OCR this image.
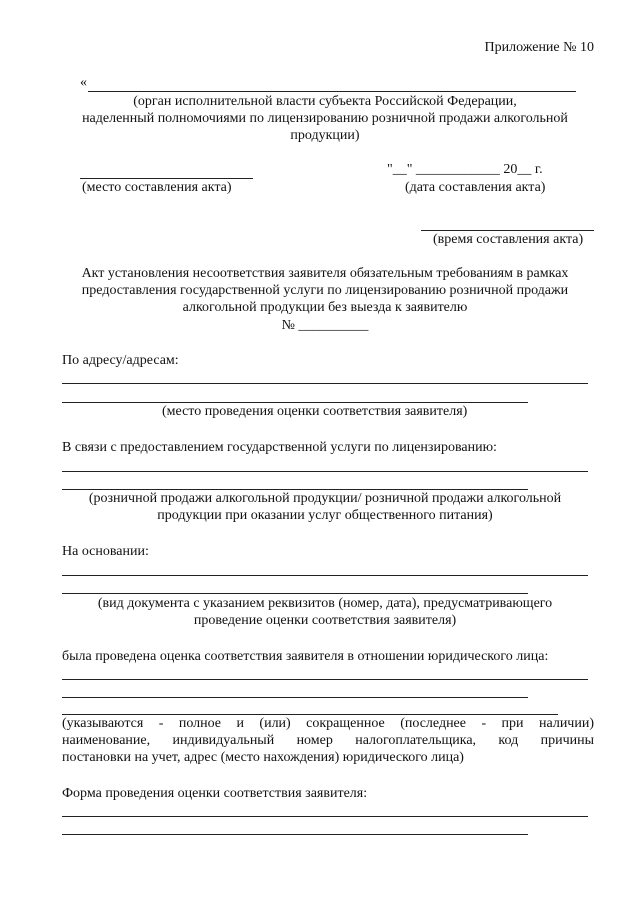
Приложение № 10
«
(орган исполнительной власти субъекта Российской Федерации,
наделенный полномочиями по лицензированию розничной продажи алкогольной
продукции)
(место составления акта)
"__" ____________ 20__ г.
(дата составления акта)
(время составления акта)
Акт установления несоответствия заявителя обязательным требованиям в рамках
предоставления государственной услуги по лицензированию розничной продажи
алкогольной продукции без выезда к заявителю
№ __________
По адресу/адресам:
(место проведения оценки соответствия заявителя)
В связи с предоставлением государственной услуги по лицензированию:
(розничной продажи алкогольной продукции/ розничной продажи алкогольной
продукции при оказании услуг общественного питания)
На основании:
(вид документа с указанием реквизитов (номер, дата), предусматривающего
проведение оценки соответствия заявителя)
была проведена оценка соответствия заявителя в отношении юридического лица:
(указываются - полное и (или) сокращенное (последнее - при наличии)
наименование, индивидуальный номер налогоплательщика, код причины
постановки на учет, адрес (место нахождения) юридического лица)
Форма проведения оценки соответствия заявителя:
